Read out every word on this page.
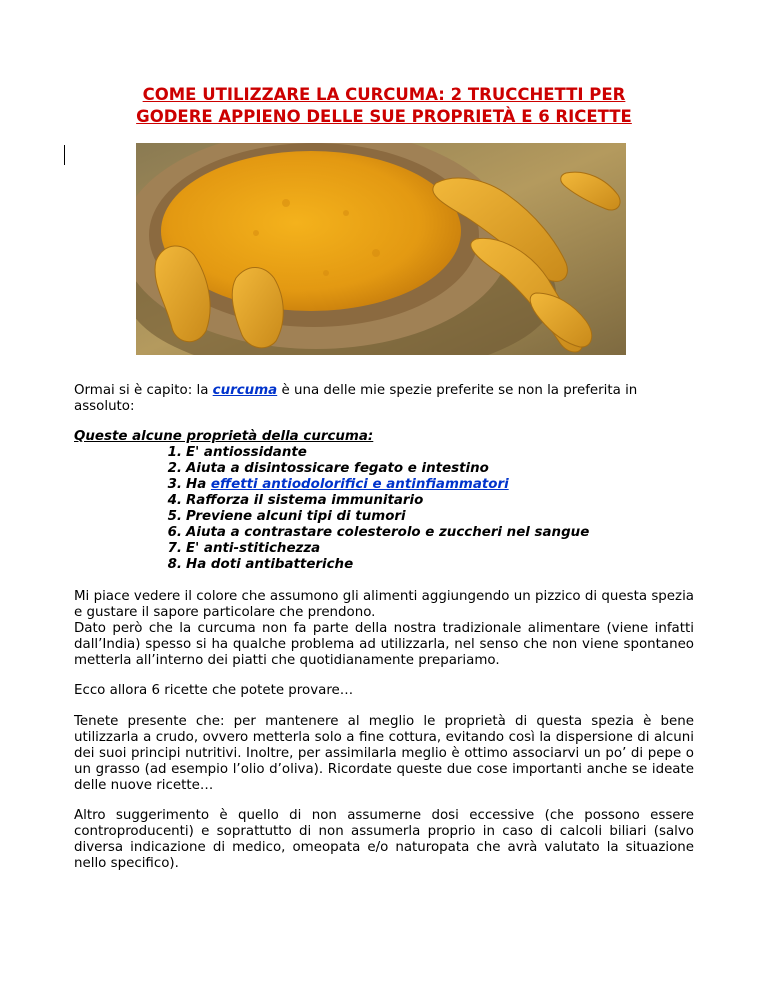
COME UTILIZZARE LA CURCUMA: 2 TRUCCHETTI PER
GODERE APPIENO DELLE SUE PROPRIETÀ E 6 RICETTE
Ormai si è capito: la curcuma è una delle mie spezie preferite se non la preferita in assoluto:
Queste alcune proprietà della curcuma:
1. E' antiossidante
2. Aiuta a disintossicare fegato e intestino
3. Ha effetti antiodolorifici e antinfiammatori
4. Rafforza il sistema immunitario
5. Previene alcuni tipi di tumori
6. Aiuta a contrastare colesterolo e zuccheri nel sangue
7. E' anti-stitichezza
8. Ha doti antibatteriche
Mi piace vedere il colore che assumono gli alimenti aggiungendo un pizzico di questa spezia e gustare il sapore particolare che prendono.
Dato però che la curcuma non fa parte della nostra tradizionale alimentare (viene infatti dall’India) spesso si ha qualche problema ad utilizzarla, nel senso che non viene spontaneo metterla all’interno dei piatti che quotidianamente prepariamo.
Ecco allora 6 ricette che potete provare…
Tenete presente che: per mantenere al meglio le proprietà di questa spezia è bene utilizzarla a crudo, ovvero metterla solo a fine cottura, evitando così la dispersione di alcuni dei suoi principi nutritivi. Inoltre, per assimilarla meglio è ottimo associarvi un po’ di pepe o un grasso (ad esempio l’olio d’oliva). Ricordate queste due cose importanti anche se ideate delle nuove ricette…
Altro suggerimento è quello di non assumerne dosi eccessive (che possono essere controproducenti) e soprattutto di non assumerla proprio in caso di calcoli biliari (salvo diversa indicazione di medico, omeopata e/o naturopata che avrà valutato la situazione nello specifico).
